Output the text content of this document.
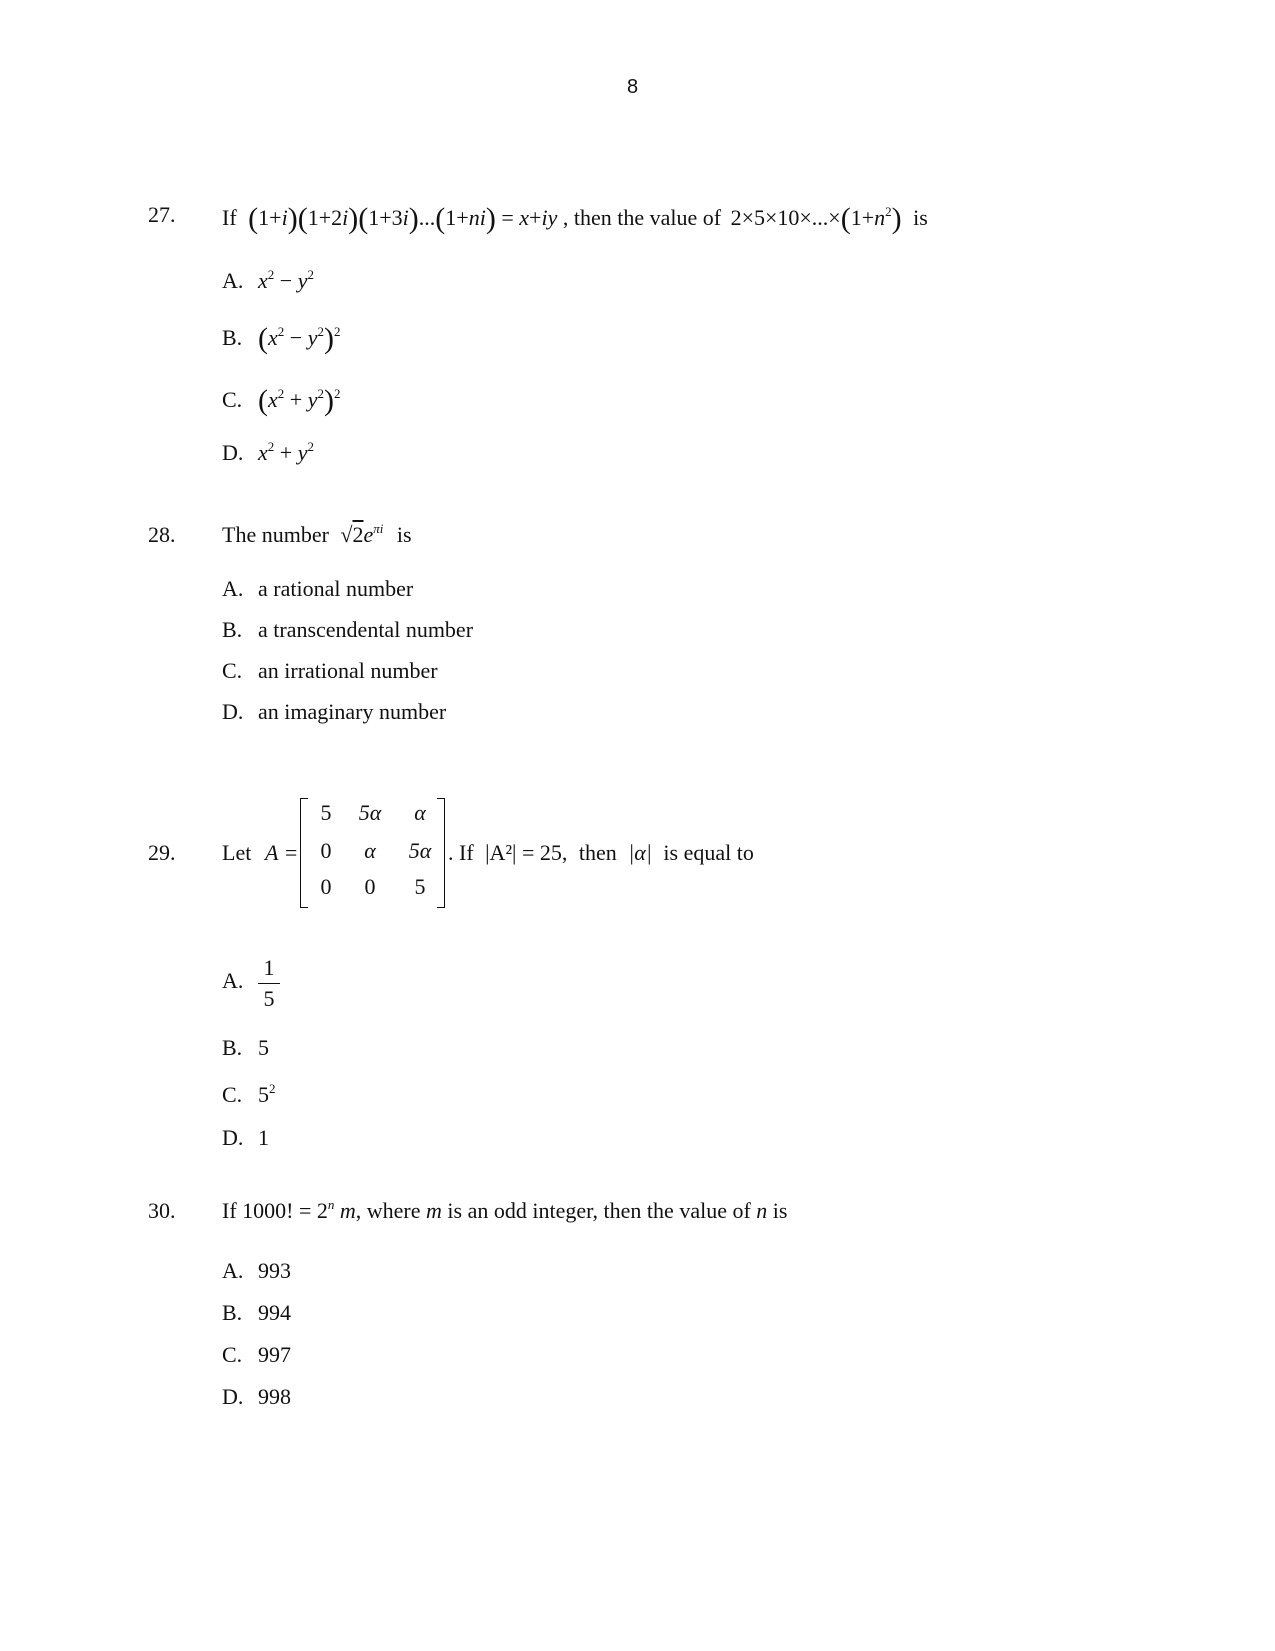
8
27. If (1+i)(1+2i)(1+3i)...(1+ni) = x+iy , then the value of $2\times 5\times 10\times...\times(1+n^2)$ is
A. $x^2 - y^2$
B. $(x^2 - y^2)^2$
C. $(x^2 + y^2)^2$
D. $x^2 + y^2$
28. The number $√2e^{\pi i}$ is
A. a rational number
B. a transcendental number
C. an irrational number
D. an imaginary number
29. Let A =
5	5α	α
0	α	5α
0	0	5
. If |A²| = 25, then |α| is equal to
A.
1
5
B. 5
C. $5^2$
D. 1
30. If 1000! = $2^n$ m, where m is an odd integer, then the value of n is
A. 993
B. 994
C. 997
D. 998
